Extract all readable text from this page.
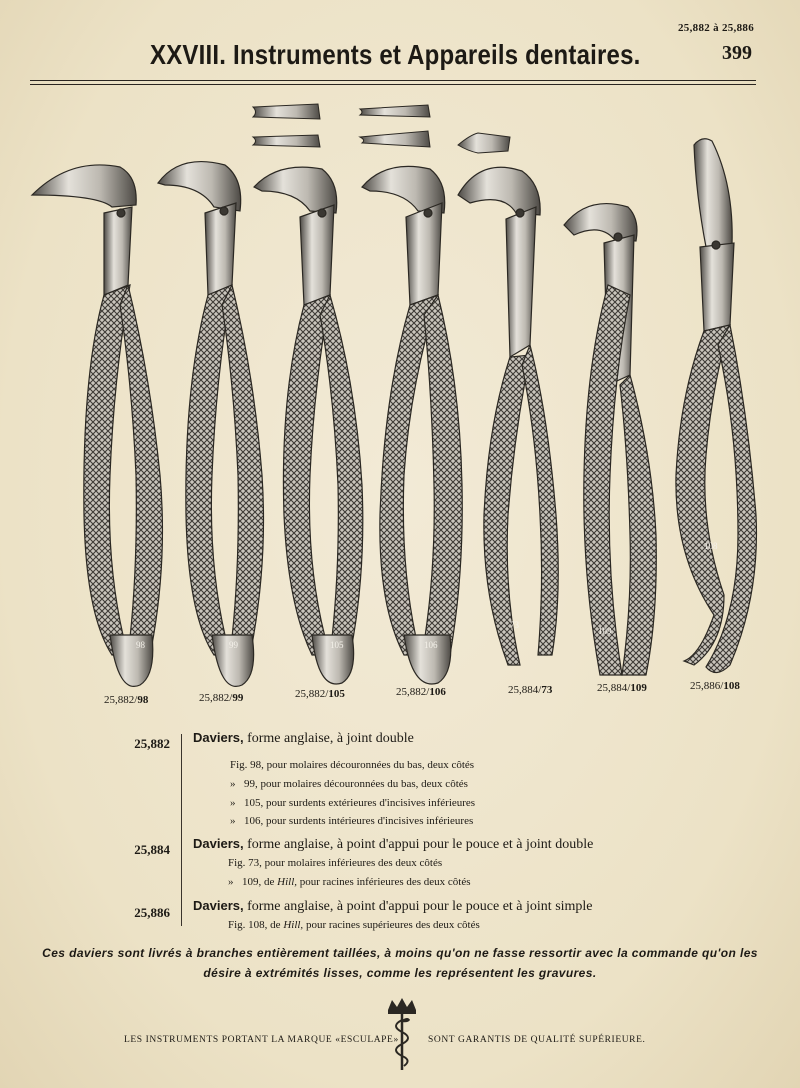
25,882 à 25,886
XXVIII. Instruments et Appareils dentaires.	399
98	99	105	106
73
109
108
25,882/98	25,882/99	25,882/105	25,882/106	25,884/73	25,884/109	25,886/108
25,882 Daviers, forme anglaise, à joint double
Fig. 98, pour molaires découronnées du bas, deux côtés
» 99, pour molaires découronnées du bas, deux côtés
» 105, pour surdents extérieures d'incisives inférieures
» 106, pour surdents intérieures d'incisives inférieures
25,884 Daviers, forme anglaise, à point d'appui pour le pouce et à joint double
Fig. 73, pour molaires inférieures des deux côtés
» 109, de Hill, pour racines inférieures des deux côtés
25,886 Daviers, forme anglaise, à point d'appui pour le pouce et à joint simple
Fig. 108, de Hill, pour racines supérieures des deux côtés
Ces daviers sont livrés à branches entièrement taillées, à moins qu'on ne fasse ressortir avec la commande qu'on les
désire à extrémités lisses, comme les représentent les gravures.
LES INSTRUMENTS PORTANT LA MARQUE «ESCULAPE»	SONT GARANTIS DE QUALITÉ SUPÉRIEURE.
